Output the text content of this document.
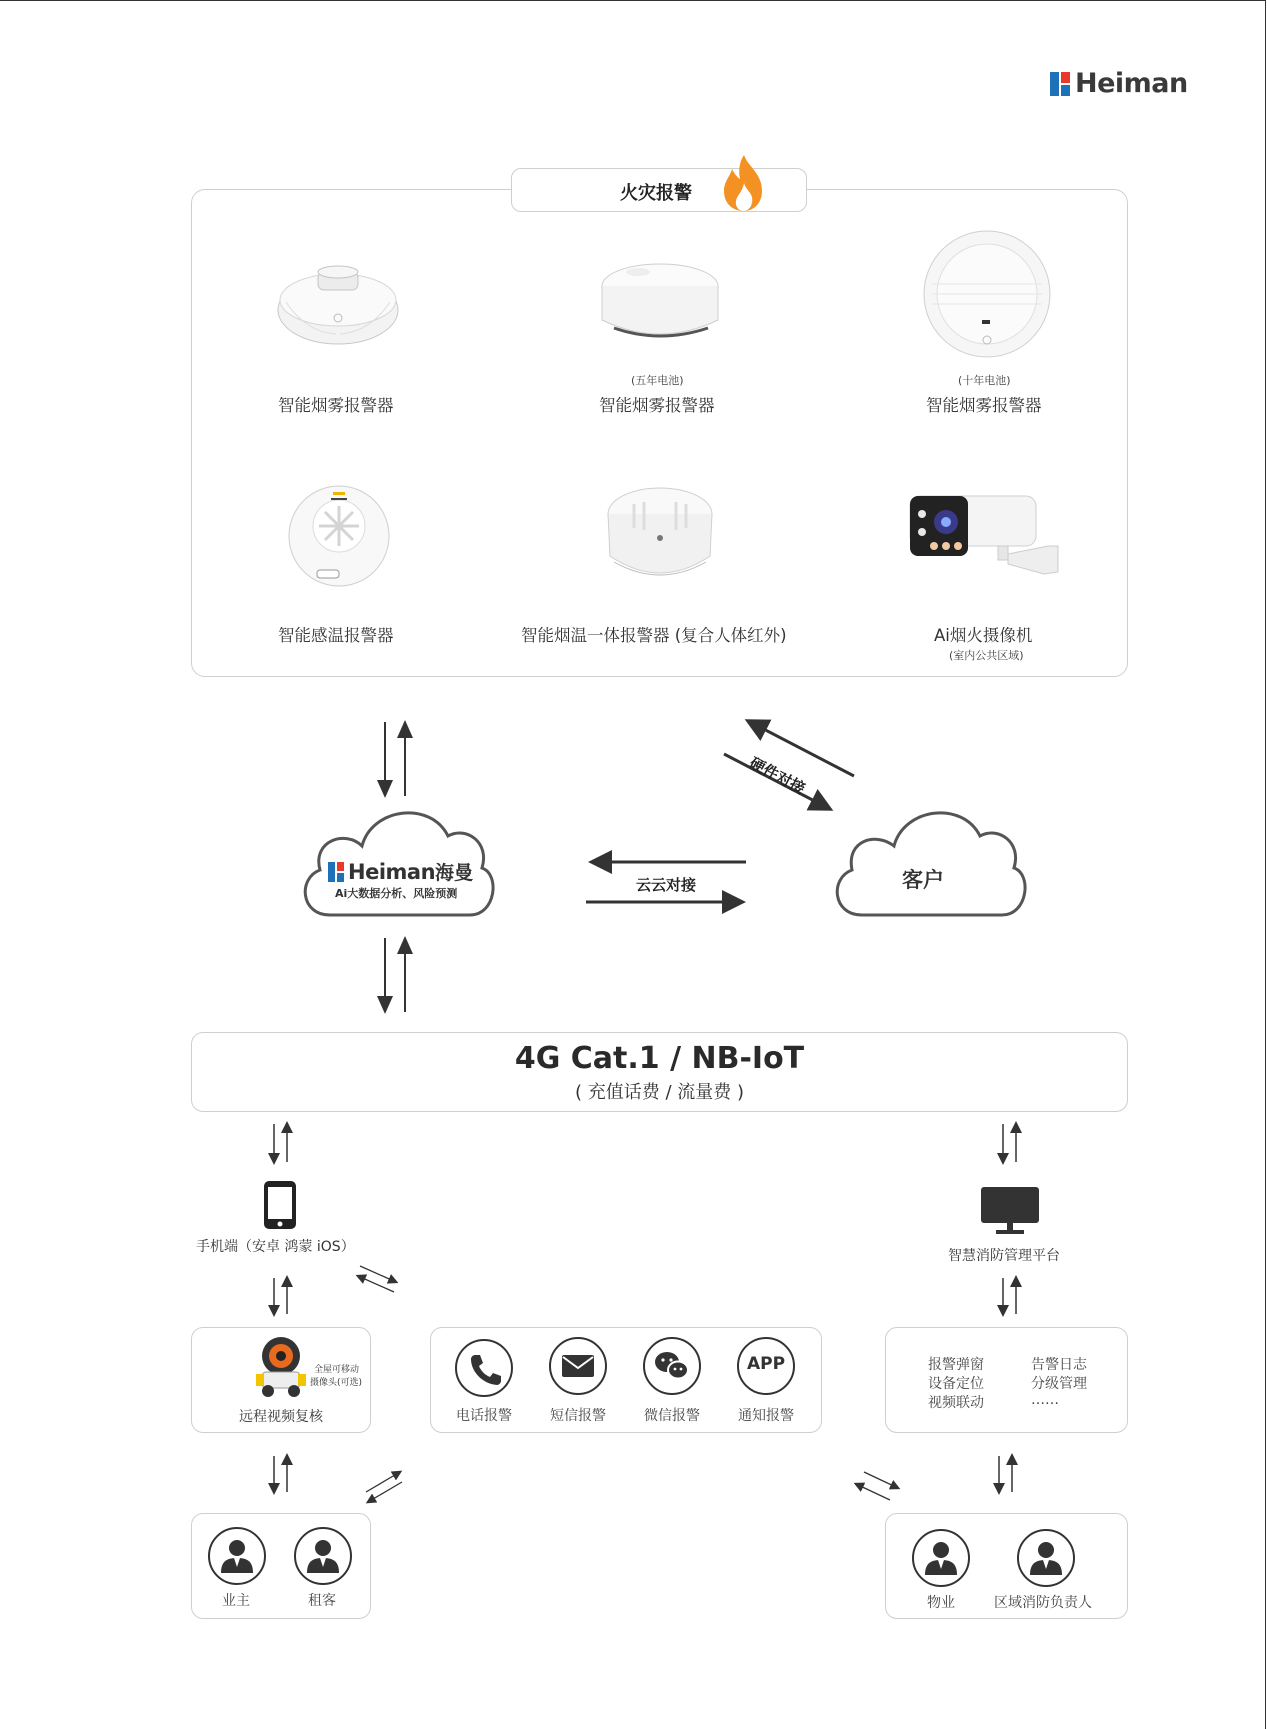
Heiman
火灾报警
智能烟雾报警器
(五年电池)
智能烟雾报警器
(十年电池)
智能烟雾报警器
智能感温报警器	智能烟温一体报警器 (复合人体红外)	Ai烟火摄像机
(室内公共区域)
Heiman 海曼
Ai大数据分析、风险预测
客户
云云对接
硬件对接
4G Cat.1 / NB-IoT
( 充值话费 / 流量费 )
手机端（安卓 鸿蒙 iOS）
智慧消防管理平台
全屋可移动
摄像头(可选)
远程视频复核	电话报警	短信报警	微信报警
APP
通知报警
报警弹窗
设备定位
视频联动
告警日志
分级管理
……
业主	租客	物业	区域消防负责人
